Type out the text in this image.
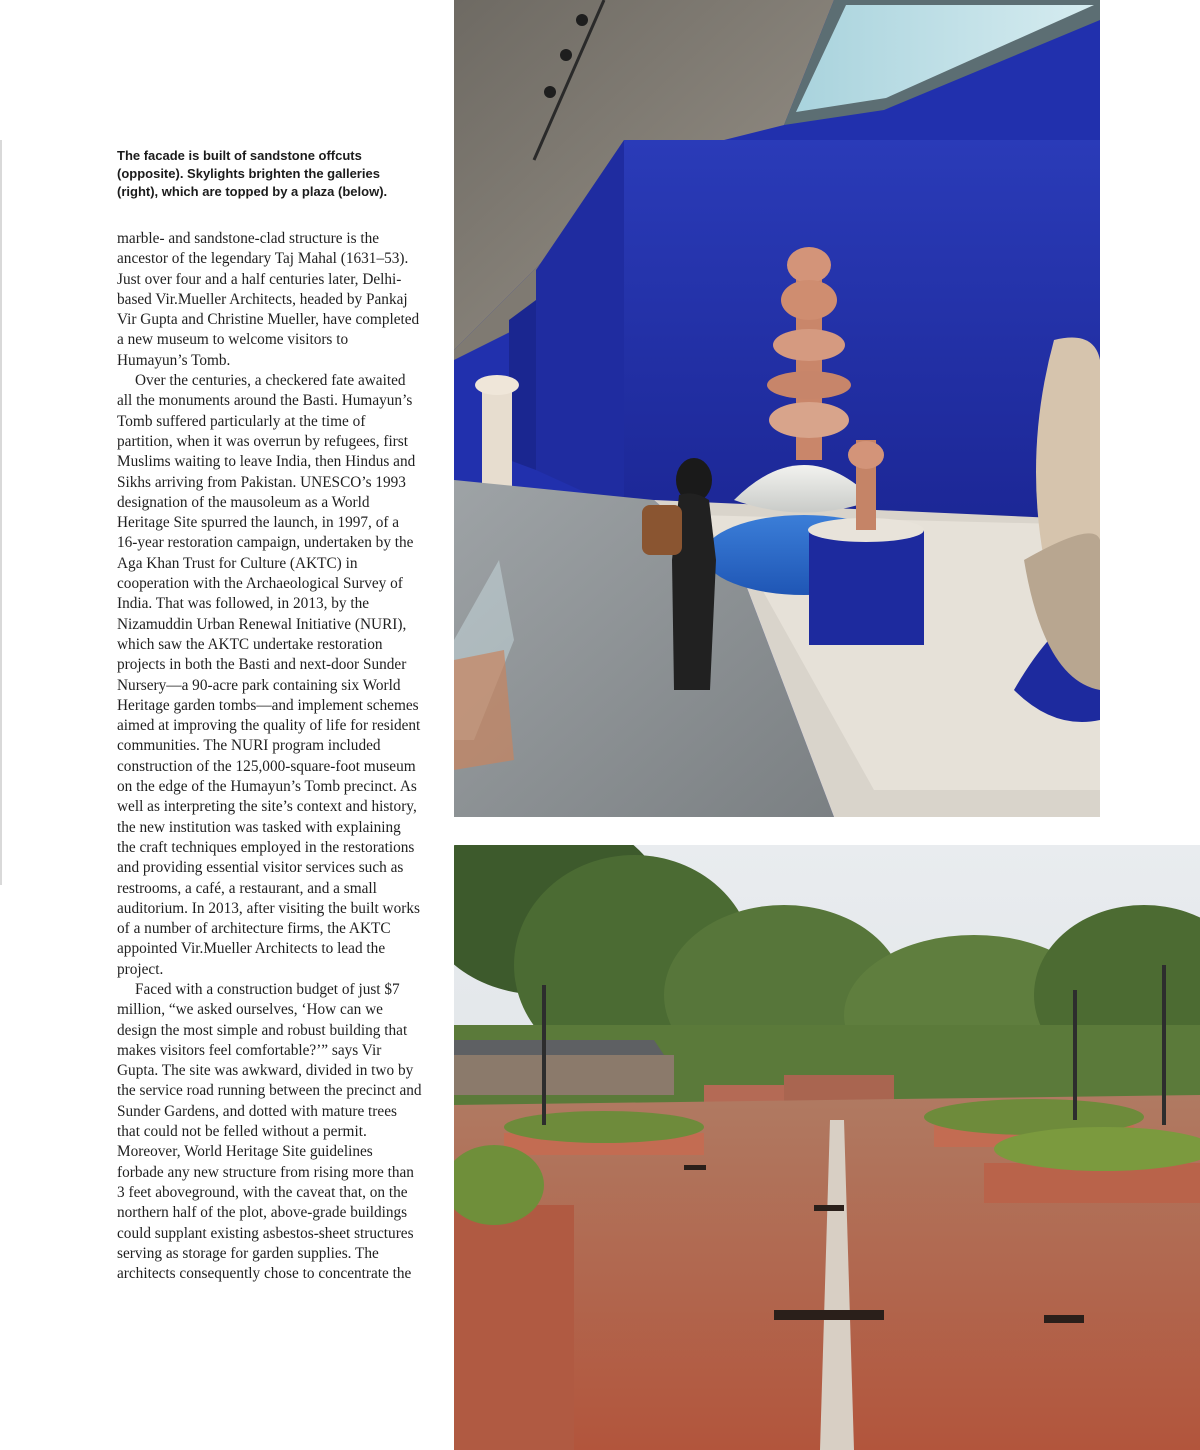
The facade is built of sandstone offcuts (opposite). Skylights brighten the galleries (right), which are topped by a plaza (below).

marble- and sandstone-clad structure is the ancestor of the legendary Taj Mahal (1631–53). Just over four and a half centuries later, Delhi-based Vir.Mueller Architects, headed by Pankaj Vir Gupta and Christine Mueller, have completed a new museum to welcome visitors to Humayun’s Tomb.

Over the centuries, a checkered fate awaited all the monuments around the Basti. Humayun’s Tomb suffered particularly at the time of partition, when it was overrun by refugees, first Muslims waiting to leave India, then Hindus and Sikhs arriving from Pakistan. UNESCO’s 1993 designation of the mausoleum as a World Heritage Site spurred the launch, in 1997, of a 16-year restoration campaign, undertaken by the Aga Khan Trust for Culture (AKTC) in cooperation with the Archaeological Survey of India. That was followed, in 2013, by the Nizamuddin Urban Renewal Initiative (NURI), which saw the AKTC undertake restoration projects in both the Basti and next-door Sunder Nursery—a 90-acre park containing six World Heritage garden tombs—and implement schemes aimed at improving the quality of life for resident communities. The NURI program included construction of the 125,000-square-foot museum on the edge of the Humayun’s Tomb precinct. As well as interpreting the site’s context and history, the new institution was tasked with explaining the craft techniques employed in the restorations and providing essential visitor services such as restrooms, a café, a restaurant, and a small auditorium. In 2013, after visiting the built works of a number of architecture firms, the AKTC appointed Vir.Mueller Architects to lead the project.

Faced with a construction budget of just $7 million, “we asked ourselves, ‘How can we design the most simple and robust building that makes visitors feel comfortable?’” says Vir Gupta. The site was awkward, divided in two by the service road running between the precinct and Sunder Gardens, and dotted with mature trees that could not be felled without a permit. Moreover, World Heritage Site guidelines forbade any new structure from rising more than 3 feet aboveground, with the caveat that, on the northern half of the plot, above-grade buildings could supplant existing asbestos-sheet structures serving as storage for garden supplies. The architects consequently chose to concentrate the
